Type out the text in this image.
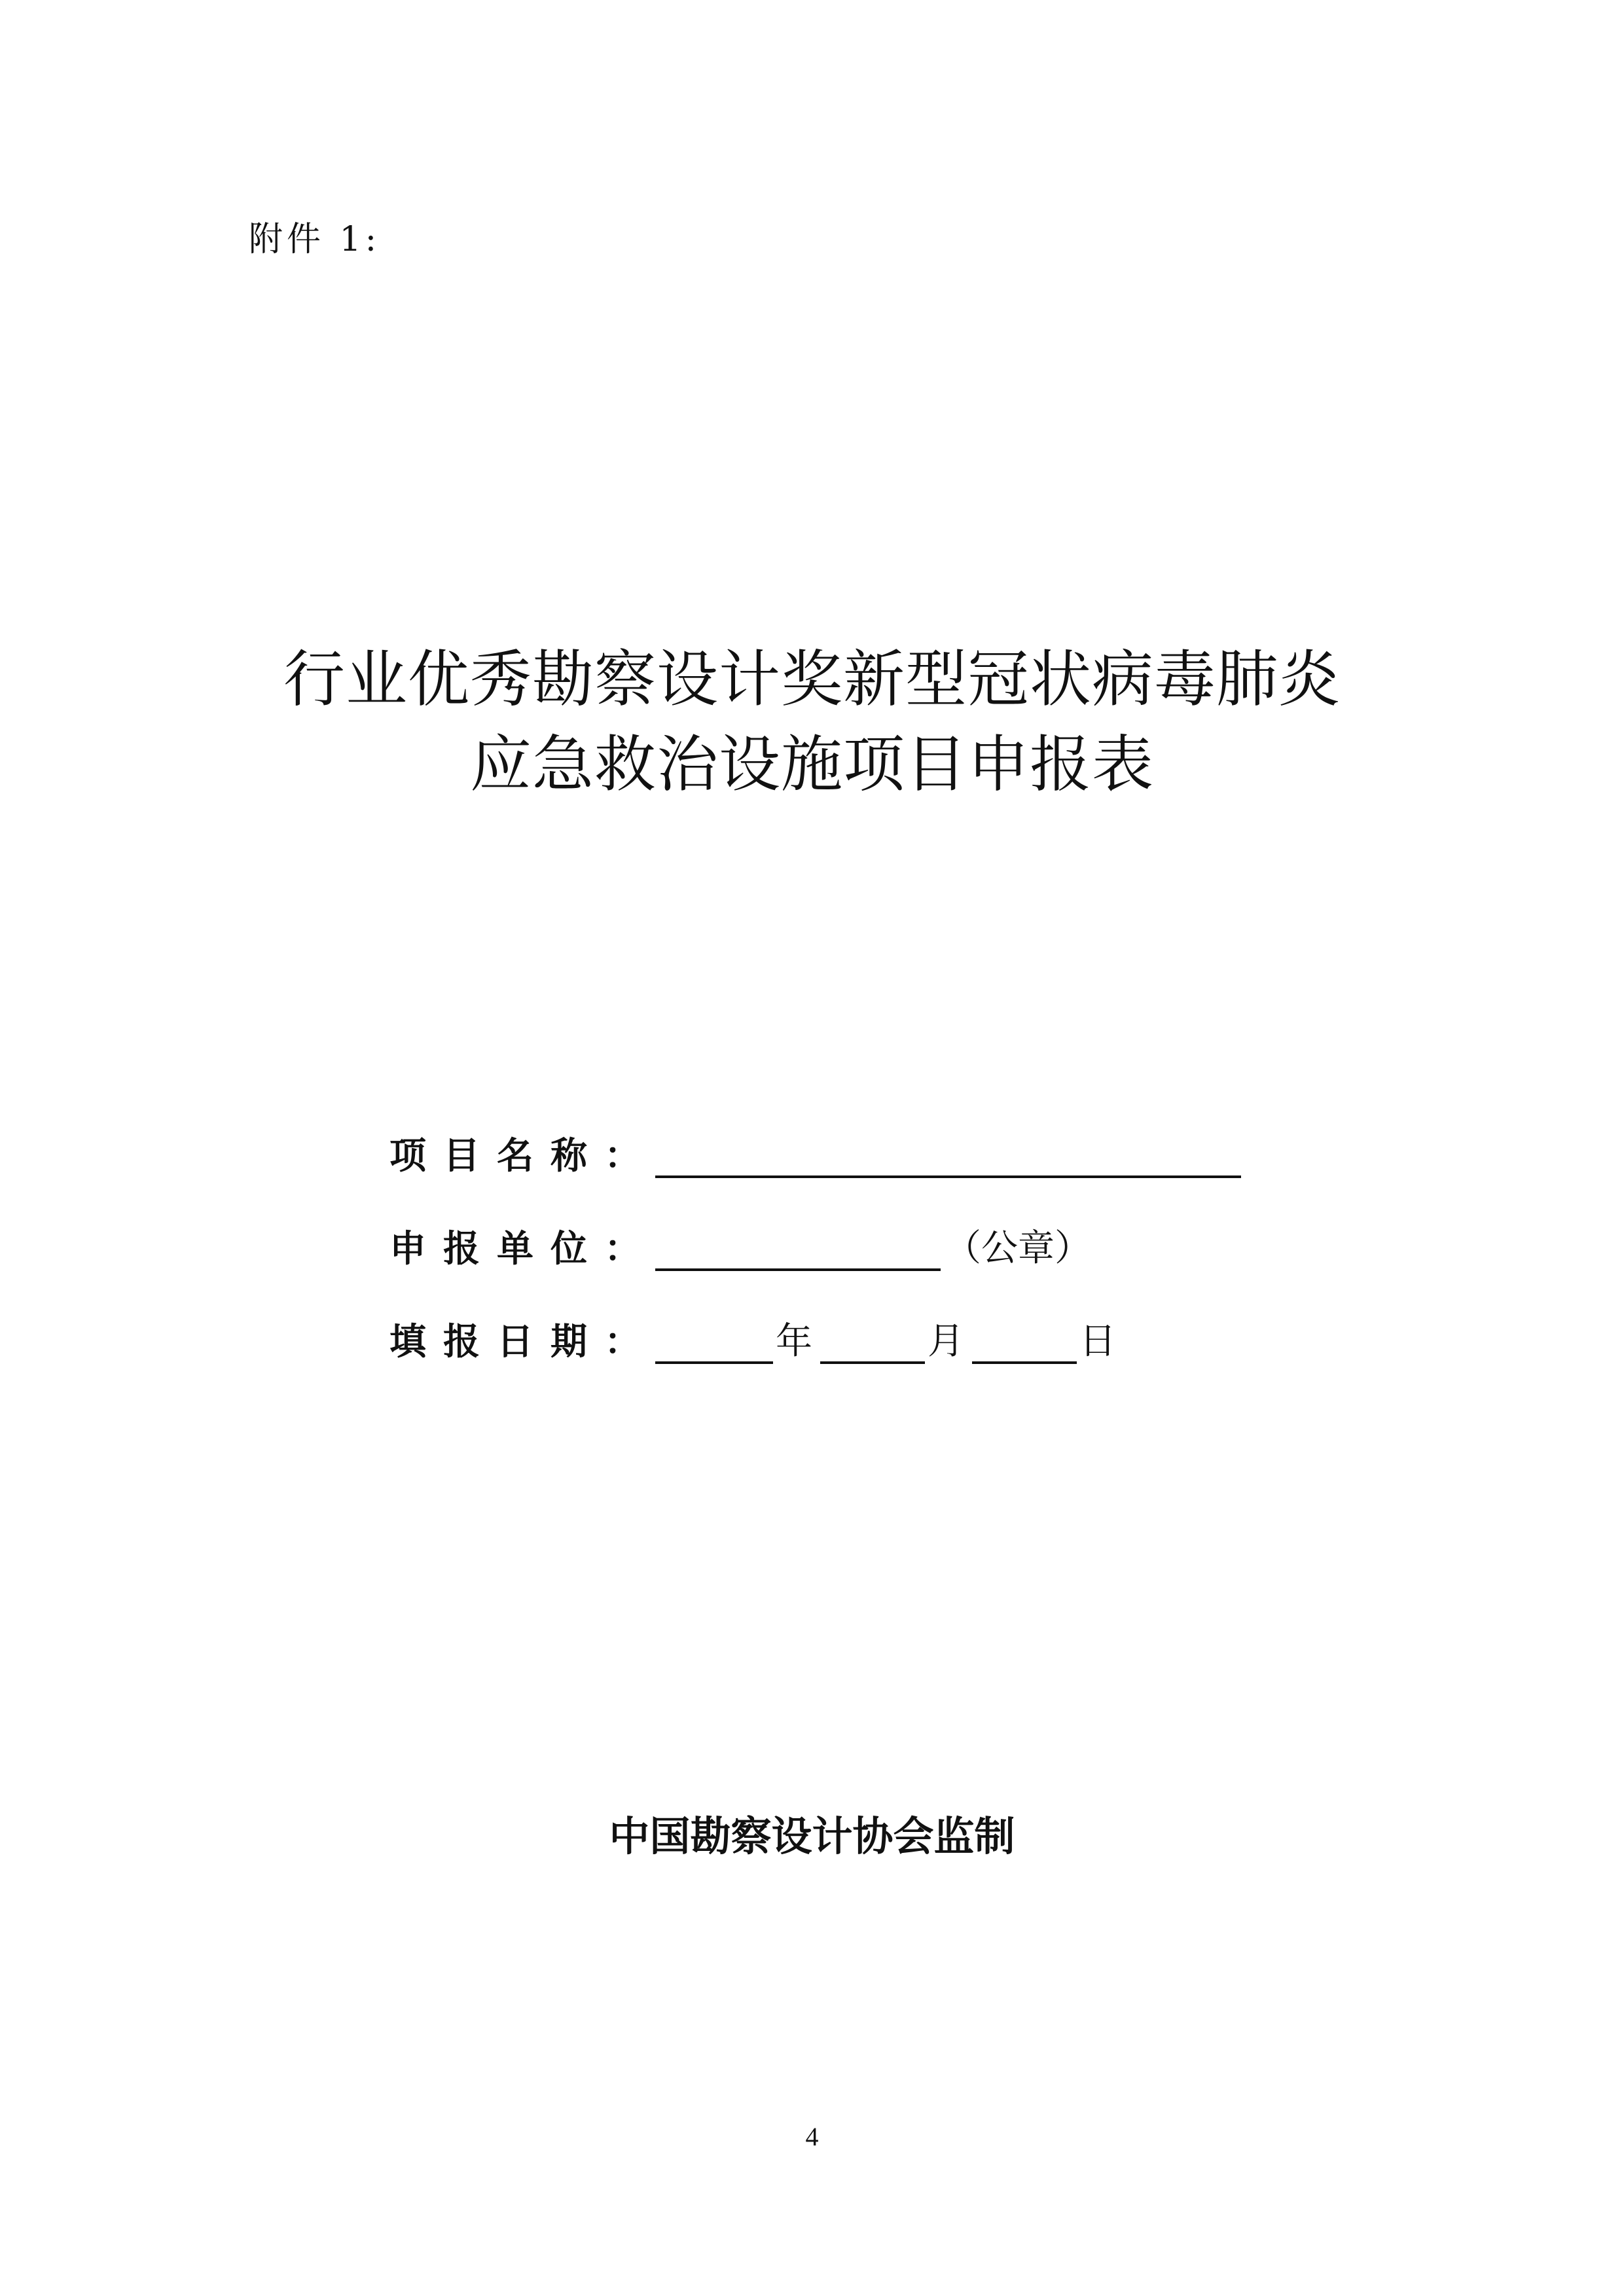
附件 1:
行业优秀勘察设计奖新型冠状病毒肺炎
应急救治设施项目申报表
项目名称：
申报单位：	（公章）
填报日期：	年	月	日
中国勘察设计协会监制
4
